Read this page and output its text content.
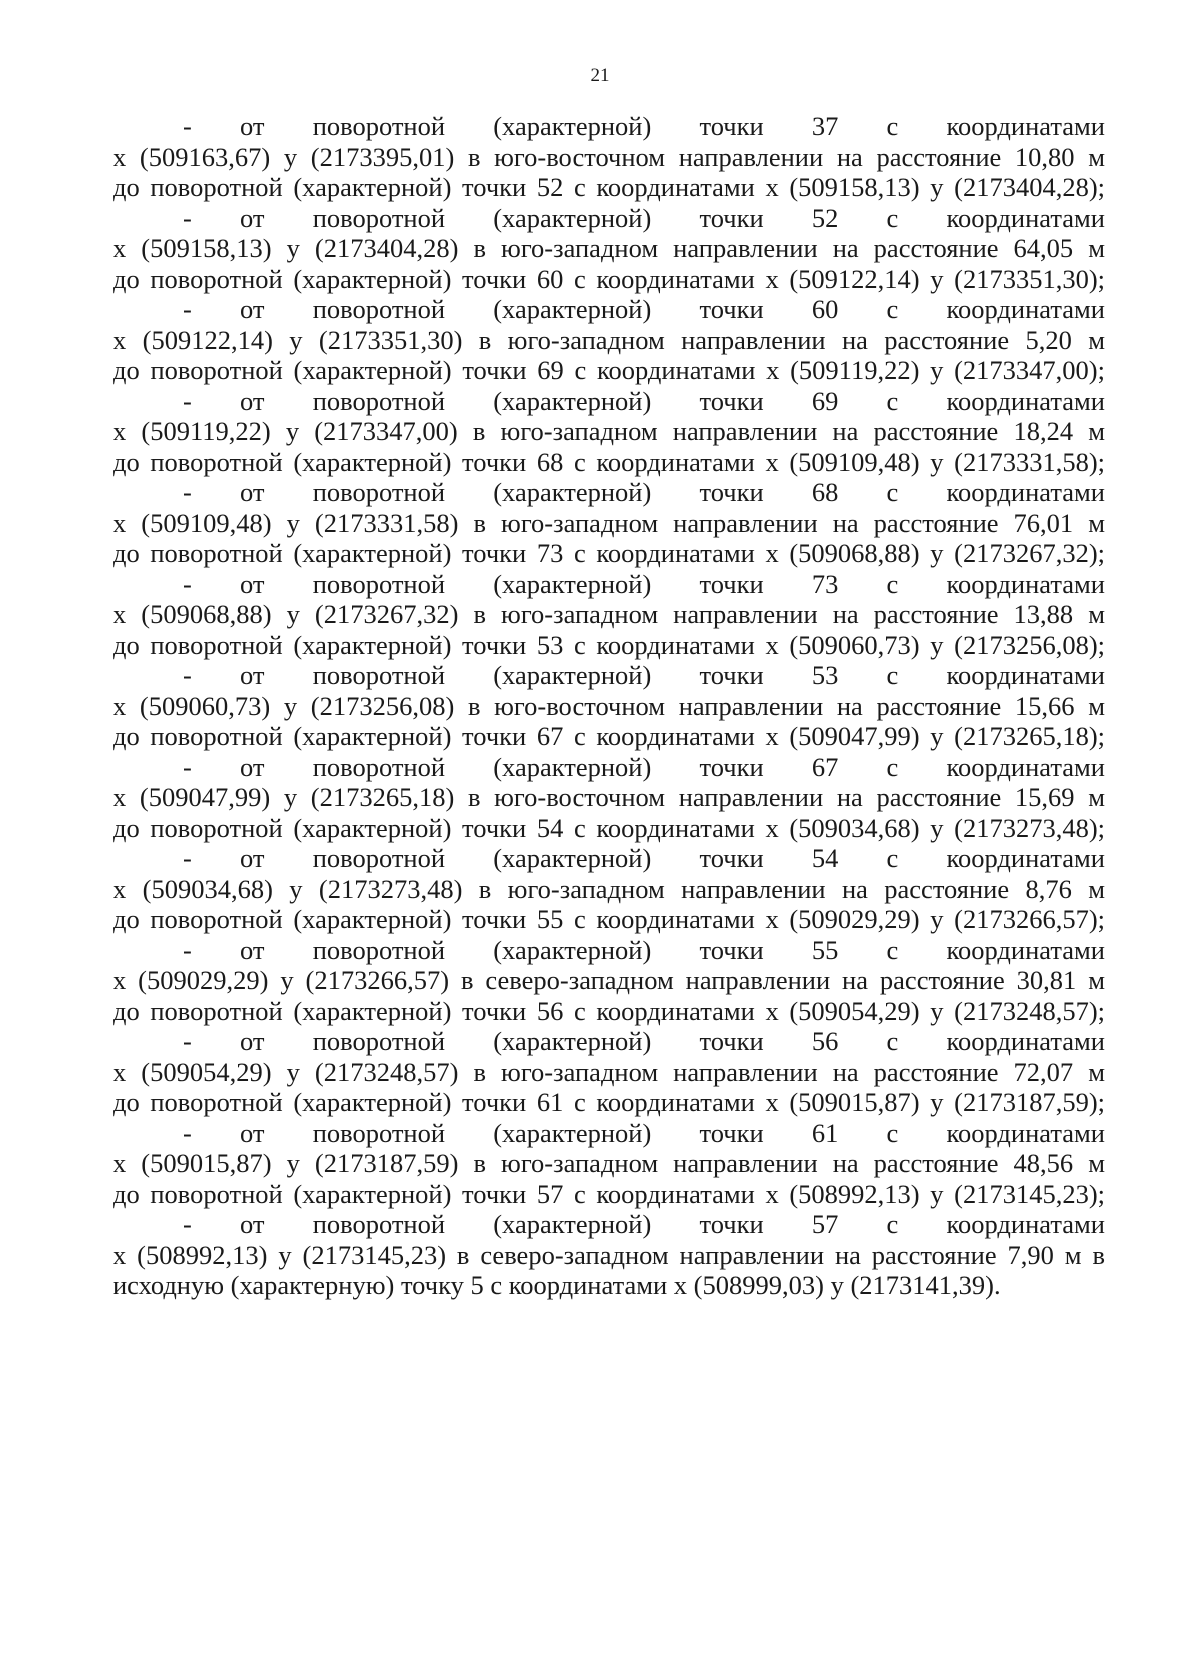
21
- от поворотной (характерной) точки 37 с координатами
x (509163,67) у (2173395,01) в юго-восточном направлении на расстояние 10,80 м
до поворотной (характерной) точки 52 с координатами x (509158,13) у (2173404,28);
- от поворотной (характерной) точки 52 с координатами
x (509158,13) у (2173404,28) в юго-западном направлении на расстояние 64,05 м
до поворотной (характерной) точки 60 с координатами x (509122,14) у (2173351,30);
- от поворотной (характерной) точки 60 с координатами
x (509122,14) у (2173351,30) в юго-западном направлении на расстояние 5,20 м
до поворотной (характерной) точки 69 с координатами x (509119,22) у (2173347,00);
- от поворотной (характерной) точки 69 с координатами
x (509119,22) у (2173347,00) в юго-западном направлении на расстояние 18,24 м
до поворотной (характерной) точки 68 с координатами x (509109,48) у (2173331,58);
- от поворотной (характерной) точки 68 с координатами
x (509109,48) у (2173331,58) в юго-западном направлении на расстояние 76,01 м
до поворотной (характерной) точки 73 с координатами x (509068,88) у (2173267,32);
- от поворотной (характерной) точки 73 с координатами
x (509068,88) у (2173267,32) в юго-западном направлении на расстояние 13,88 м
до поворотной (характерной) точки 53 с координатами x (509060,73) у (2173256,08);
- от поворотной (характерной) точки 53 с координатами
x (509060,73) у (2173256,08) в юго-восточном направлении на расстояние 15,66 м
до поворотной (характерной) точки 67 с координатами x (509047,99) у (2173265,18);
- от поворотной (характерной) точки 67 с координатами
x (509047,99) у (2173265,18) в юго-восточном направлении на расстояние 15,69 м
до поворотной (характерной) точки 54 с координатами x (509034,68) у (2173273,48);
- от поворотной (характерной) точки 54 с координатами
x (509034,68) у (2173273,48) в юго-западном направлении на расстояние 8,76 м
до поворотной (характерной) точки 55 с координатами x (509029,29) у (2173266,57);
- от поворотной (характерной) точки 55 с координатами
x (509029,29) у (2173266,57) в северо-западном направлении на расстояние 30,81 м
до поворотной (характерной) точки 56 с координатами x (509054,29) у (2173248,57);
- от поворотной (характерной) точки 56 с координатами
x (509054,29) у (2173248,57) в юго-западном направлении на расстояние 72,07 м
до поворотной (характерной) точки 61 с координатами x (509015,87) у (2173187,59);
- от поворотной (характерной) точки 61 с координатами
x (509015,87) у (2173187,59) в юго-западном направлении на расстояние 48,56 м
до поворотной (характерной) точки 57 с координатами x (508992,13) у (2173145,23);
- от поворотной (характерной) точки 57 с координатами
x (508992,13) у (2173145,23) в северо-западном направлении на расстояние 7,90 м в
исходную (характерную) точку 5 с координатами x (508999,03) у (2173141,39).
